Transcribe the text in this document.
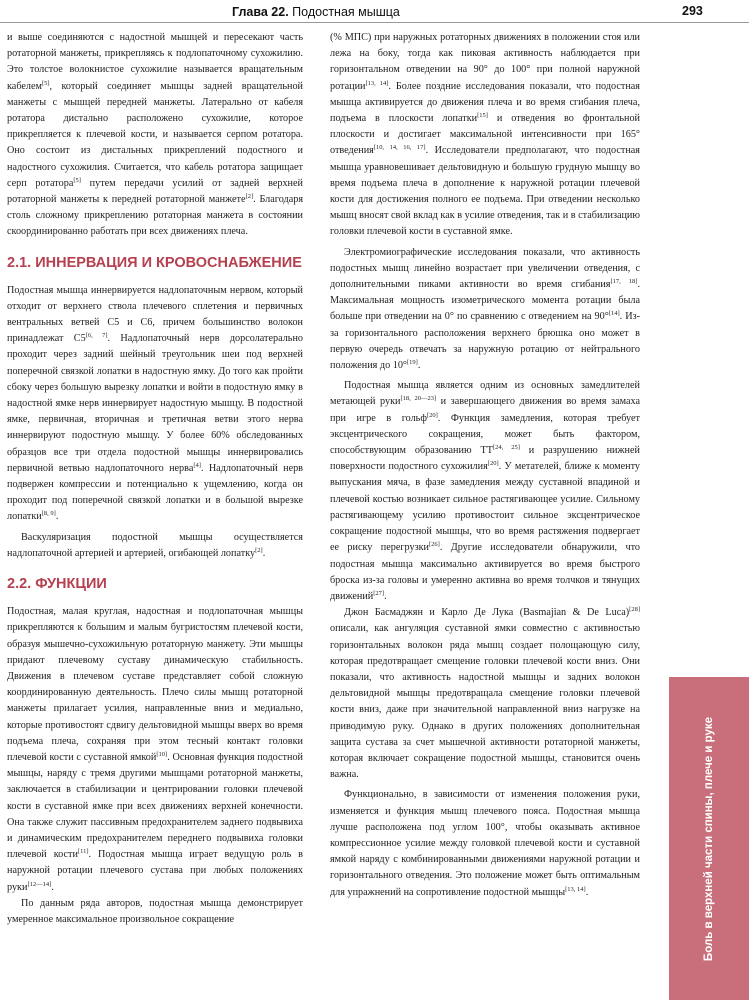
Глава 22. Подостная мышца	293

и выше соединяются с надостной мышцей и пересекают часть ротаторной манжеты, прикрепляясь к подлопаточному сухожилию. Это толстое волокнистое сухожилие называется вращательным кабелем[5], который соединяет мышцы задней вращательной манжеты с мышцей передней манжеты. Латерально от кабеля ротатора дистально расположено сухожилие, которое прикрепляется к плечевой кости, и называется серпом ротатора. Оно состоит из дистальных прикреплений подостного и надостного сухожилия. Считается, что кабель ротатора защищает серп ротатора[5] путем передачи усилий от задней верхней ротаторной манжеты к передней ротаторной манжете[2]. Благодаря столь сложному прикреплению ротаторная манжета в состоянии скоординированно работать при всех движениях плеча.

2.1. ИННЕРВАЦИЯ И КРОВОСНАБЖЕНИЕ

Подостная мышца иннервируется надлопаточным нервом, который отходит от верхнего ствола плечевого сплетения и первичных вентральных ветвей С5 и С6, причем большинство волокон принадлежат С5[6, 7]. Надлопаточный нерв дорсолатерально проходит через задний шейный треугольник шеи под верхней поперечной связкой лопатки в надостную ямку. До того как пройти сбоку через большую вырезку лопатки и войти в подостную ямку в надостной ямке нерв иннервирует надостную мышцу. В подостной ямке, первичная, вторичная и третичная ветви этого нерва иннервируют подостную мышцу. У более 60% обследованных образцов все три отдела подостной мышцы иннервировались первичной ветвью надлопаточного нерва[4]. Надлопаточный нерв подвержен компрессии и потенциально к ущемлению, когда он проходит под поперечной связкой лопатки и в большой вырезке лопатки[8, 9].

Васкуляризация подостной мышцы осуществляется надлопаточной артерией и артерией, огибающей лопатку[2].

2.2. ФУНКЦИИ

Подостная, малая круглая, надостная и подлопаточная мышцы прикрепляются к большим и малым бугристостям плечевой кости, образуя мышечно-сухожильную ротаторную манжету. Эти мышцы придают плечевому суставу динамическую стабильность. Движения в плечевом суставе представляет собой сложную координированную деятельность. Плечо силы мышц ротаторной манжеты прилагает усилия, направленные вниз и медиально, которые противостоят сдвигу дельтовидной мышцы вверх во время подъема плеча, сохраняя при этом тесный контакт головки плечевой кости с суставной ямкой[10]. Основная функция подостной мышцы, наряду с тремя другими мышцами ротаторной манжеты, заключается в стабилизации и центрировании головки плечевой кости в суставной ямке при всех движениях верхней конечности. Она также служит пассивным предохранителем заднего подвывиха и динамическим предохранителем переднего подвывиха головки плечевой кости[11]. Подостная мышца играет ведущую роль в наружной ротации плечевого сустава при любых положениях руки[12—14].

По данным ряда авторов, подостная мышца демонстрирует умеренное максимальное произвольное сокращение

(% МПС) при наружных ротаторных движениях в положении стоя или лежа на боку, тогда как пиковая активность наблюдается при горизонтальном отведении на 90° до 100° при полной наружной ротации[13, 14]. Более поздние исследования показали, что подостная мышца активируется до движения плеча и во время сгибания плеча, подъема в плоскости лопатки[15] и отведения во фронтальной плоскости и достигает максимальной интенсивности при 165° отведения[10, 14, 16, 17]. Исследователи предполагают, что подостная мышца уравновешивает дельтовидную и большую грудную мышцу во время подъема плеча в дополнение к наружной ротации плечевой кости для достижения полного ее подъема. При отведении несколько мышц вносят свой вклад как в усилие отведения, так и в стабилизацию головки плечевой кости в суставной ямке.

Электромиографические исследования показали, что активность подостных мышц линейно возрастает при увеличении отведения, с дополнительными пиками активности во время сгибания[17, 18]. Максимальная мощность изометрического момента ротации была больше при отведении на 0° по сравнению с отведением на 90°[14]. Из-за горизонтального расположения верхнего брюшка оно может в первую очередь отвечать за наружную ротацию от нейтрального положения до 10°[19].

Подостная мышца является одним из основных замедлителей метающей руки[18, 20—23] и завершающего движения во время замаха при игре в гольф[20]. Функция замедления, которая требует эксцентрического сокращения, может быть фактором, способствующим образованию ТТ[24, 25] и разрушению нижней поверхности подостного сухожилия[20]. У метателей, ближе к моменту выпускания мяча, в фазе замедления между суставной впадиной и плечевой костью возникает сильное растягивающее усилие. Сильному растягивающему усилию противостоит сильное эксцентрическое сокращение подостной мышцы, что во время растяжения подвергает ее риску перегрузки[26]. Другие исследователи обнаружили, что подостная мышца максимально активируется во время быстрого броска из-за головы и умеренно активна во время толчков и тянущих движений[27].

Джон Басмаджян и Карло Де Лука (Basmajian & De Luca)[28] описали, как ангуляция суставной ямки совместно с активностью горизонтальных волокон ряда мышц создает полощающую силу, которая предотвращает смещение головки плечевой кости вниз. Они показали, что активность надостной мышцы и задних волокон дельтовидной мышцы предотвращала смещение головки плечевой кости вниз, даже при значительной направленной вниз нагрузке на приводимую руку. Однако в других положениях дополнительная защита сустава за счет мышечной активности ротаторной манжеты, которая включает сокращение подостной мышцы, становится очень важна.

Функционально, в зависимости от изменения положения руки, изменяется и функция мышц плечевого пояса. Подостная мышца лучше расположена под углом 100°, чтобы оказывать активное компрессионное усилие между головкой плечевой кости и суставной ямкой наряду с комбинированными движениями наружной ротации и горизонтального отведения. Это положение может быть оптимальным для упражнений на сопротивление подостной мышцы[13, 14].	Боль в верхней части спины, плече и руке
